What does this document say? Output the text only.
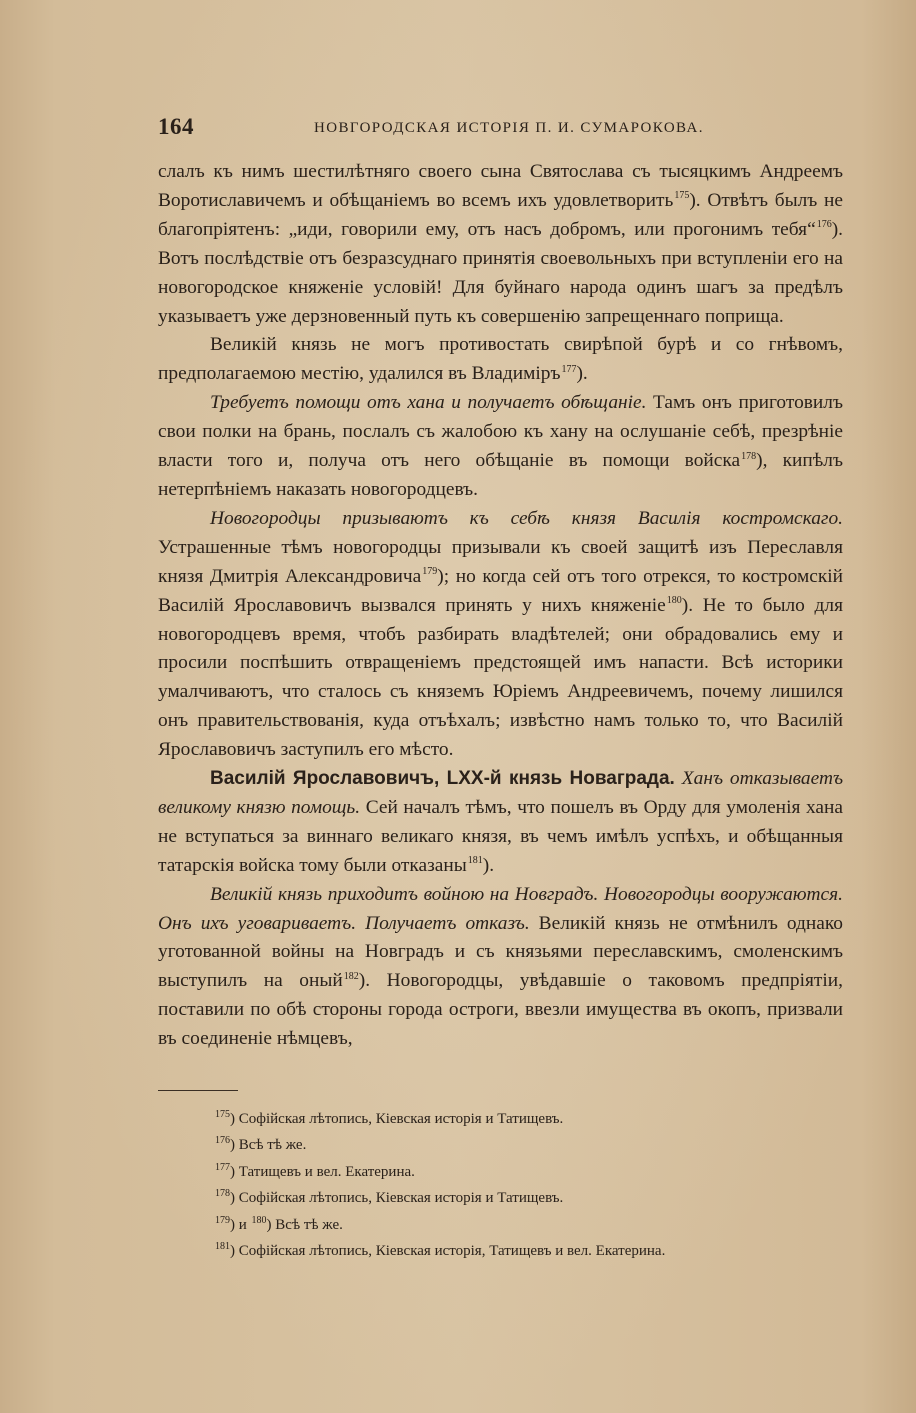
164	НОВГОРОДСКАЯ ИСТОРІЯ П. И. СУМАРОКОВА.

слалъ къ нимъ шестилѣтняго своего сына Святослава съ тысяцкимъ Андреемъ Воротиславичемъ и обѣщаніемъ во всемъ ихъ удовлетворить$^{175}$). Отвѣтъ былъ не благопріятенъ: „иди, говорили ему, отъ насъ добромъ, или прогонимъ тебя“$^{176}$). Вотъ послѣдствіе отъ безразсуднаго принятія своевольныхъ при вступленіи его на новогородское княженіе условій! Для буйнаго народа одинъ шагъ за предѣлъ указываетъ уже дерзновенный путь къ совершенію запрещеннаго поприща.

Великій князь не могъ противостать свирѣпой бурѣ и со гнѣвомъ, предполагаемою местію, удалился въ Владиміръ$^{177}$).

Требуетъ помощи отъ хана и получаетъ обѣщаніе. Тамъ онъ приготовилъ свои полки на брань, послалъ съ жалобою къ хану на ослушаніе себѣ, презрѣніе власти того и, получа отъ него обѣщаніе въ помощи войска$^{178}$), кипѣлъ нетерпѣніемъ наказать новогородцевъ.

Новогородцы призываютъ къ себѣ князя Василія костромскаго. Устрашенные тѣмъ новогородцы призывали къ своей защитѣ изъ Переславля князя Дмитрія Александровича$^{179}$); но когда сей отъ того отрекся, то костромскій Василій Ярославовичъ вызвался принять у нихъ княженіе$^{180}$). Не то было для новогородцевъ время, чтобъ разбирать владѣтелей; они обрадовались ему и просили поспѣшить отвращеніемъ предстоящей имъ напасти. Всѣ историки умалчиваютъ, что сталось съ княземъ Юріемъ Андреевичемъ, почему лишился онъ правительствованія, куда отъѣхалъ; извѣстно намъ только то, что Василій Ярославовичъ заступилъ его мѣсто.

Василій Ярославовичъ, LXX-й князь Новаграда. Ханъ отказываетъ великому князю помощь. Сей началъ тѣмъ, что пошелъ въ Орду для умоленія хана не вступаться за виннаго великаго князя, въ чемъ имѣлъ успѣхъ, и обѣщанныя татарскія войска тому были отказаны$^{181}$).

Великій князь приходитъ войною на Новградъ. Новогородцы вооружаются. Онъ ихъ уговариваетъ. Получаетъ отказъ. Великій князь не отмѣнилъ однако уготованной войны на Новградъ и съ князьями переславскимъ, смоленскимъ выступилъ на оный$^{182}$). Новогородцы, увѣдавшіе о таковомъ предпріятіи, поставили по обѣ стороны города остроги, ввезли имущества въ окопъ, призвали въ соединеніе нѣмцевъ,

$^{175}$) Софійская лѣтопись, Кіевская исторія и Татищевъ.
$^{176}$) Всѣ тѣ же.
$^{177}$) Татищевъ и вел. Екатерина.
$^{178}$) Софійская лѣтопись, Кіевская исторія и Татищевъ.
$^{179}$) и $^{180}$) Всѣ тѣ же.
$^{181}$) Софійская лѣтопись, Кіевская исторія, Татищевъ и вел. Екатерина.
